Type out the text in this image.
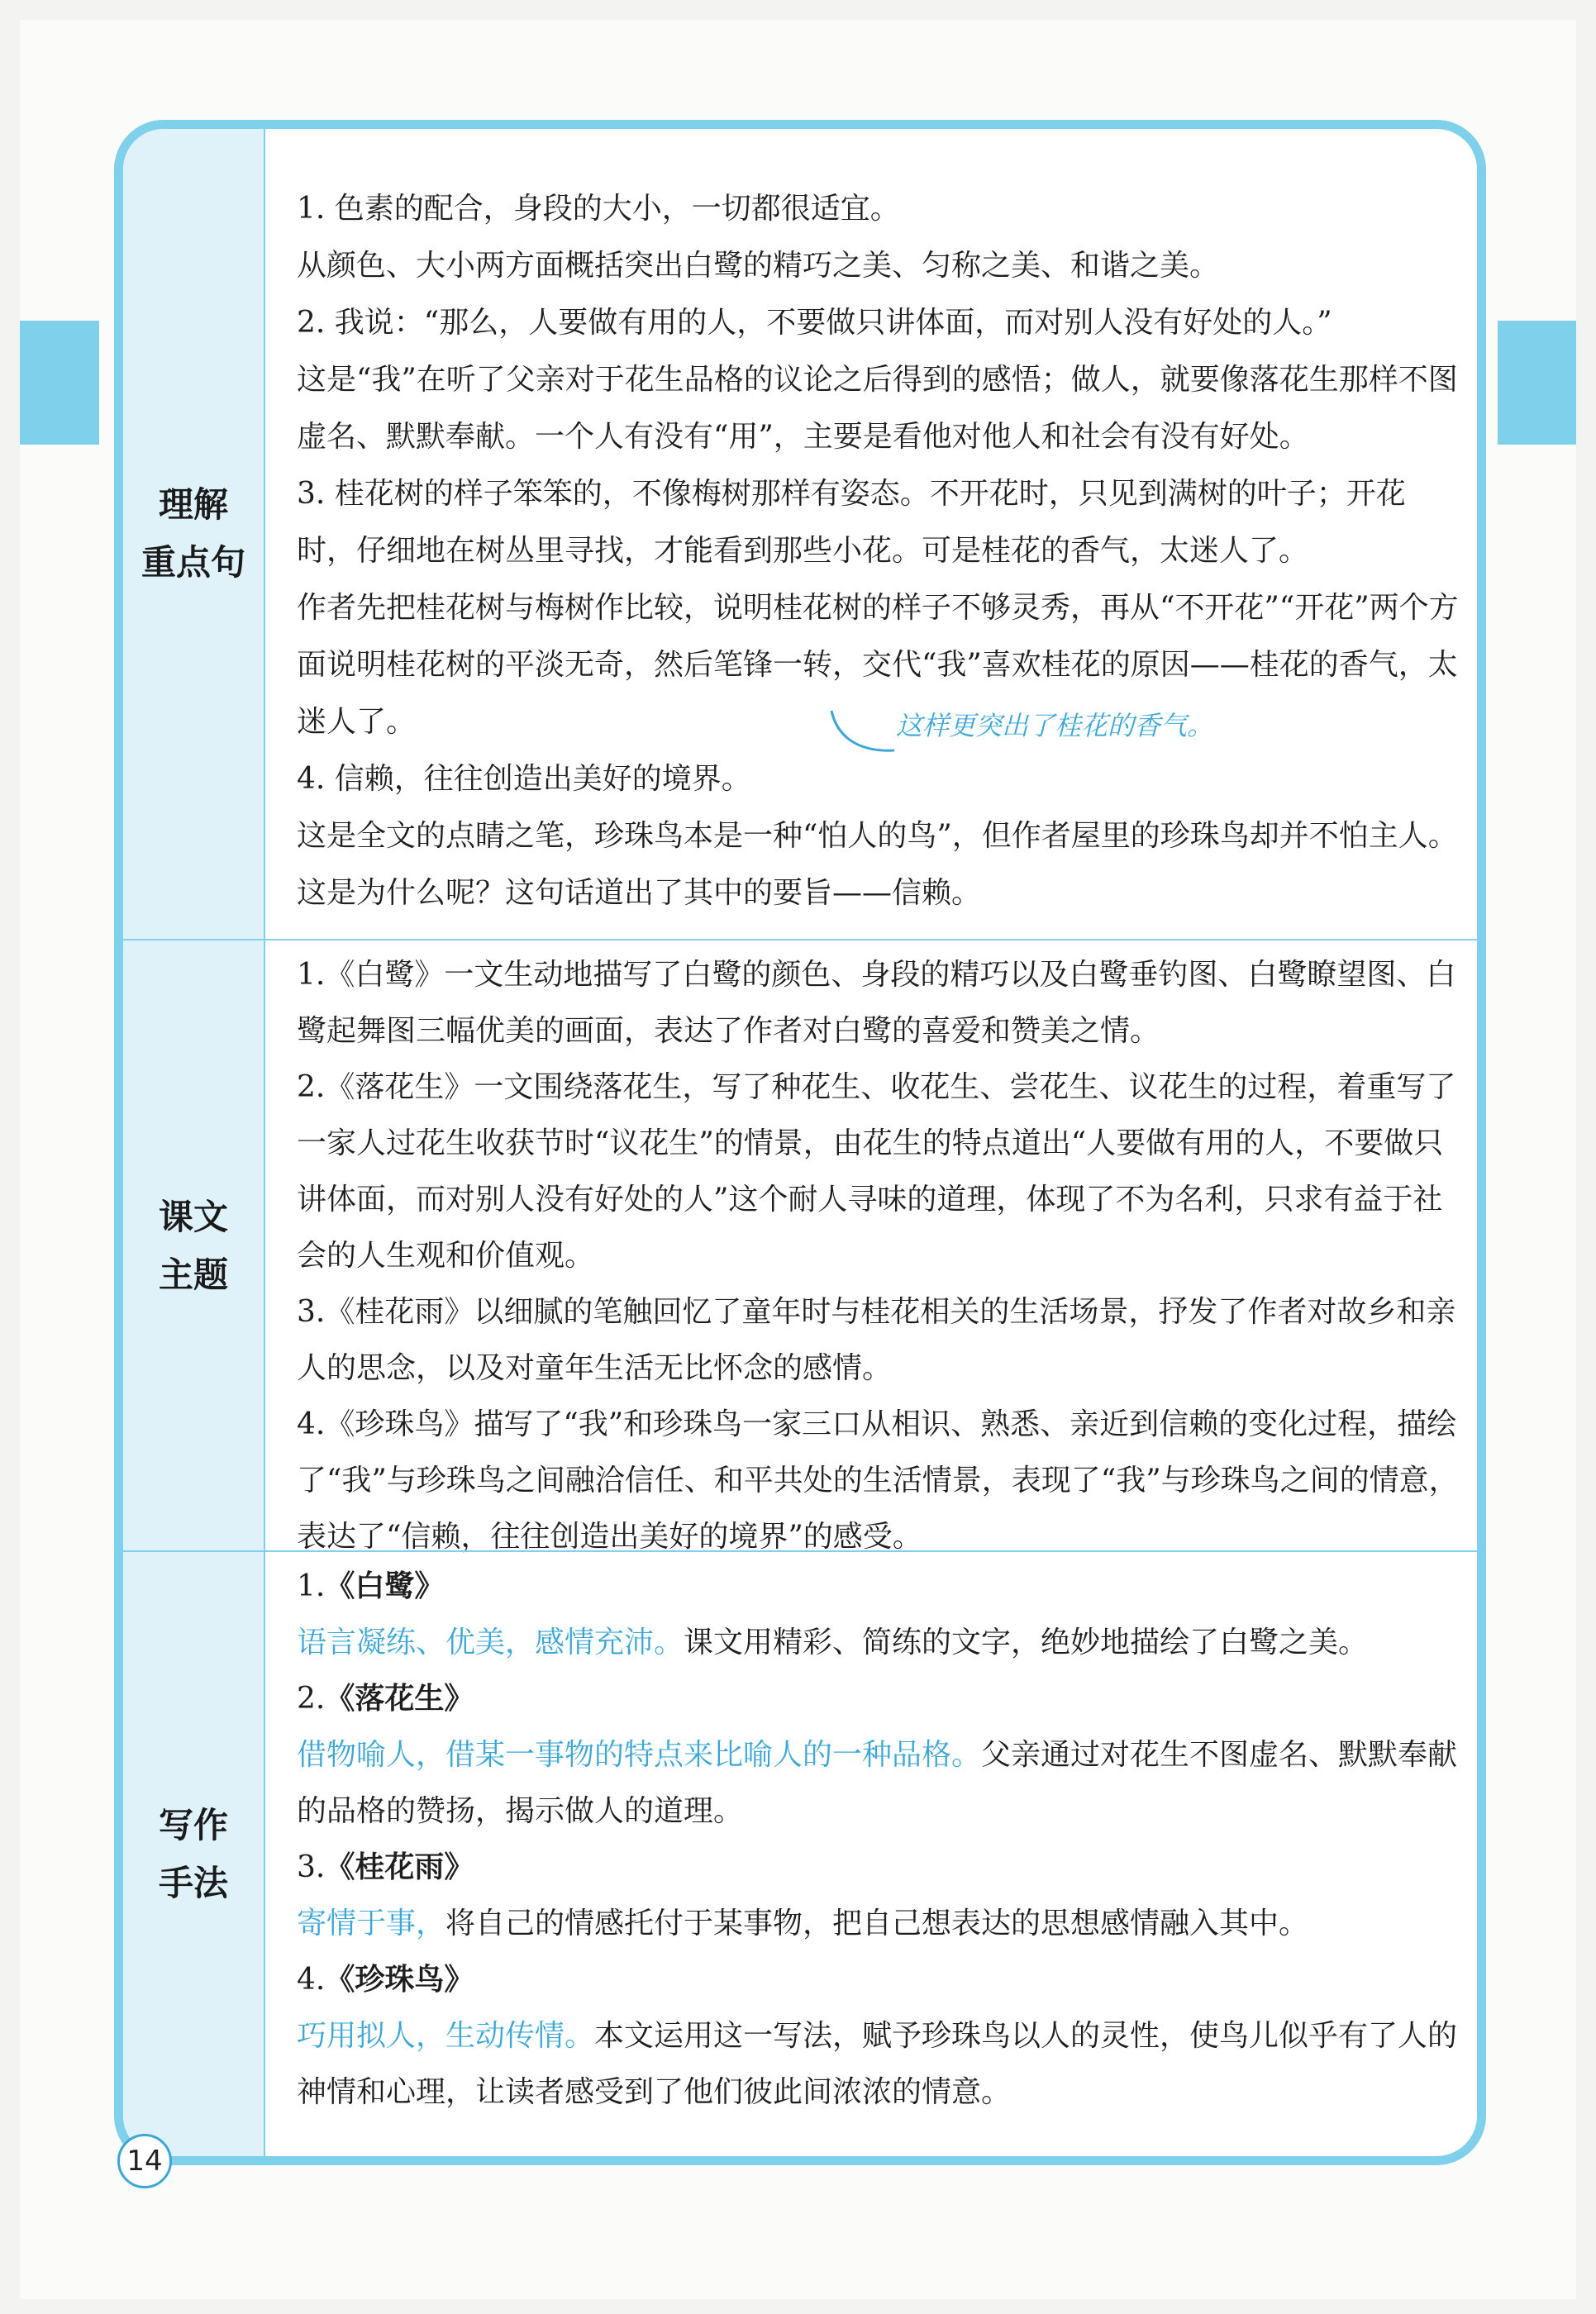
理解
重点句

1. 色素的配合，身段的大小，一切都很适宜。

从颜色、大小两方面概括突出白鹭的精巧之美、匀称之美、和谐之美。

2. 我说：“那么，人要做有用的人，不要做只讲体面，而对别人没有好处的人。”

这是“我”在听了父亲对于花生品格的议论之后得到的感悟；做人，就要像落花生那样不图虚名、默默奉献。一个人有没有“用”，主要是看他对他人和社会有没有好处。

3. 桂花树的样子笨笨的，不像梅树那样有姿态。不开花时，只见到满树的叶子；开花时，仔细地在树丛里寻找，才能看到那些小花。可是桂花的香气，太迷人了。

作者先把桂花树与梅树作比较，说明桂花树的样子不够灵秀，再从“不开花”“开花”两个方面说明桂花树的平淡无奇，然后笔锋一转，交代“我”喜欢桂花的原因——桂花的香气，太迷人了。

4. 信赖，往往创造出美好的境界。

这是全文的点睛之笔，珍珠鸟本是一种“怕人的鸟”，但作者屋里的珍珠鸟却并不怕主人。这是为什么呢？这句话道出了其中的要旨——信赖。

这样更突出了桂花的香气。
课文
主题

1.《白鹭》一文生动地描写了白鹭的颜色、身段的精巧以及白鹭垂钓图、白鹭瞭望图、白鹭起舞图三幅优美的画面，表达了作者对白鹭的喜爱和赞美之情。

2.《落花生》一文围绕落花生，写了种花生、收花生、尝花生、议花生的过程，着重写了一家人过花生收获节时“议花生”的情景，由花生的特点道出“人要做有用的人，不要做只讲体面，而对别人没有好处的人”这个耐人寻味的道理，体现了不为名利，只求有益于社会的人生观和价值观。

3.《桂花雨》以细腻的笔触回忆了童年时与桂花相关的生活场景，抒发了作者对故乡和亲人的思念，以及对童年生活无比怀念的感情。

4.《珍珠鸟》描写了“我”和珍珠鸟一家三口从相识、熟悉、亲近到信赖的变化过程，描绘了“我”与珍珠鸟之间融洽信任、和平共处的生活情景，表现了“我”与珍珠鸟之间的情意，表达了“信赖，往往创造出美好的境界”的感受。

写作
手法

1.《白鹭》

语言凝练、优美，感情充沛。课文用精彩、简练的文字，绝妙地描绘了白鹭之美。

2.《落花生》

借物喻人，借某一事物的特点来比喻人的一种品格。父亲通过对花生不图虚名、默默奉献的品格的赞扬，揭示做人的道理。

3.《桂花雨》

寄情于事，将自己的情感托付于某事物，把自己想表达的思想感情融入其中。

4.《珍珠鸟》

巧用拟人，生动传情。本文运用这一写法，赋予珍珠鸟以人的灵性，使鸟儿似乎有了人的神情和心理，让读者感受到了他们彼此间浓浓的情意。

14
